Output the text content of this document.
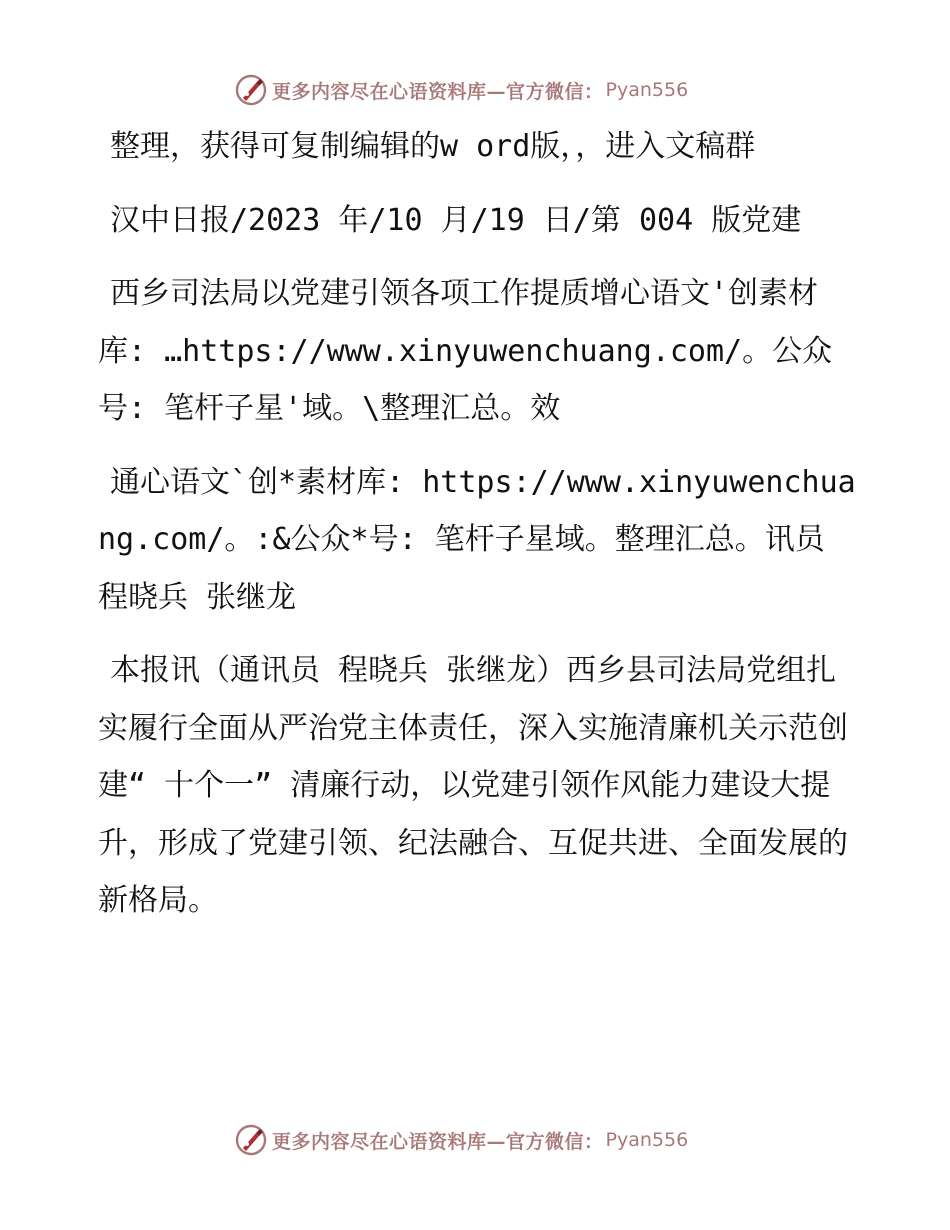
更多内容尽在心语资料库—官方微信： Pyan556

整理，获得可复制编辑的w ord版，，进入文稿群

汉中日报/2023 年/10 月/19 日/第 004 版党建

西乡司法局以党建引领各项工作提质增心语文'创素材库: …https://www.xinyuwenchuang.com/。公众号: 笔杆子星'域。\整理汇总。效

通心语文`创*素材库: https://www.xinyuwenchuang.com/。:&公众*号: 笔杆子星域。整理汇总。讯员 程晓兵 张继龙

本报讯（通讯员 程晓兵 张继龙）西乡县司法局党组扎实履行全面从严治党主体责任，深入实施清廉机关示范创建“ 十个一” 清廉行动，以党建引领作风能力建设大提升，形成了党建引领、纪法融合、互促共进、全面发展的新格局。

更多内容尽在心语资料库—官方微信： Pyan556
